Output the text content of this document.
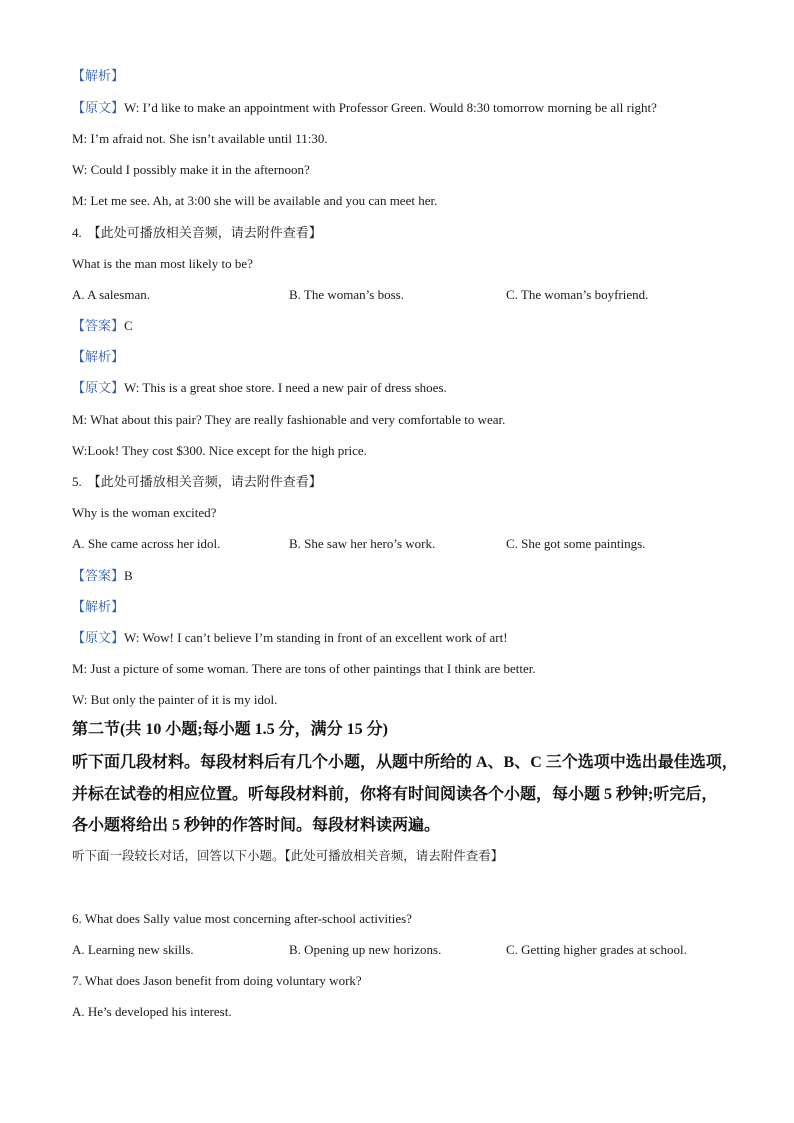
【解析】
【原文】W: I’d like to make an appointment with Professor Green. Would 8:30 tomorrow morning be all right?
M: I’m afraid not. She isn’t available until 11:30.
W: Could I possibly make it in the afternoon?
M: Let me see. Ah, at 3:00 she will be available and you can meet her.
4. 【此处可播放相关音频，请去附件查看】
What is the man most likely to be?
A. A salesman.	B. The woman’s boss.	C. The woman’s boyfriend.
【答案】C
【解析】
【原文】W: This is a great shoe store. I need a new pair of dress shoes.
M: What about this pair? They are really fashionable and very comfortable to wear.
W:Look! They cost $300. Nice except for the high price.
5. 【此处可播放相关音频，请去附件查看】
Why is the woman excited?
A. She came across her idol.	B. She saw her hero’s work.	C. She got some paintings.
【答案】B
【解析】
【原文】W: Wow! I can’t believe I’m standing in front of an excellent work of art!
M: Just a picture of some woman. There are tons of other paintings that I think are better.
W: But only the painter of it is my idol.
第二节(共 10 小题;每小题 1.5 分，满分 15 分)
听下面几段材料。每段材料后有几个小题，从题中所给的 A、B、C 三个选项中选出最佳选项，
并标在试卷的相应位置。听每段材料前，你将有时间阅读各个小题，每小题 5 秒钟;听完后，
各小题将给出 5 秒钟的作答时间。每段材料读两遍。
听下面一段较长对话，回答以下小题。【此处可播放相关音频，请去附件查看】
6. What does Sally value most concerning after-school activities?
A. Learning new skills.	B. Opening up new horizons.	C. Getting higher grades at school.
7. What does Jason benefit from doing voluntary work?
A. He’s developed his interest.
